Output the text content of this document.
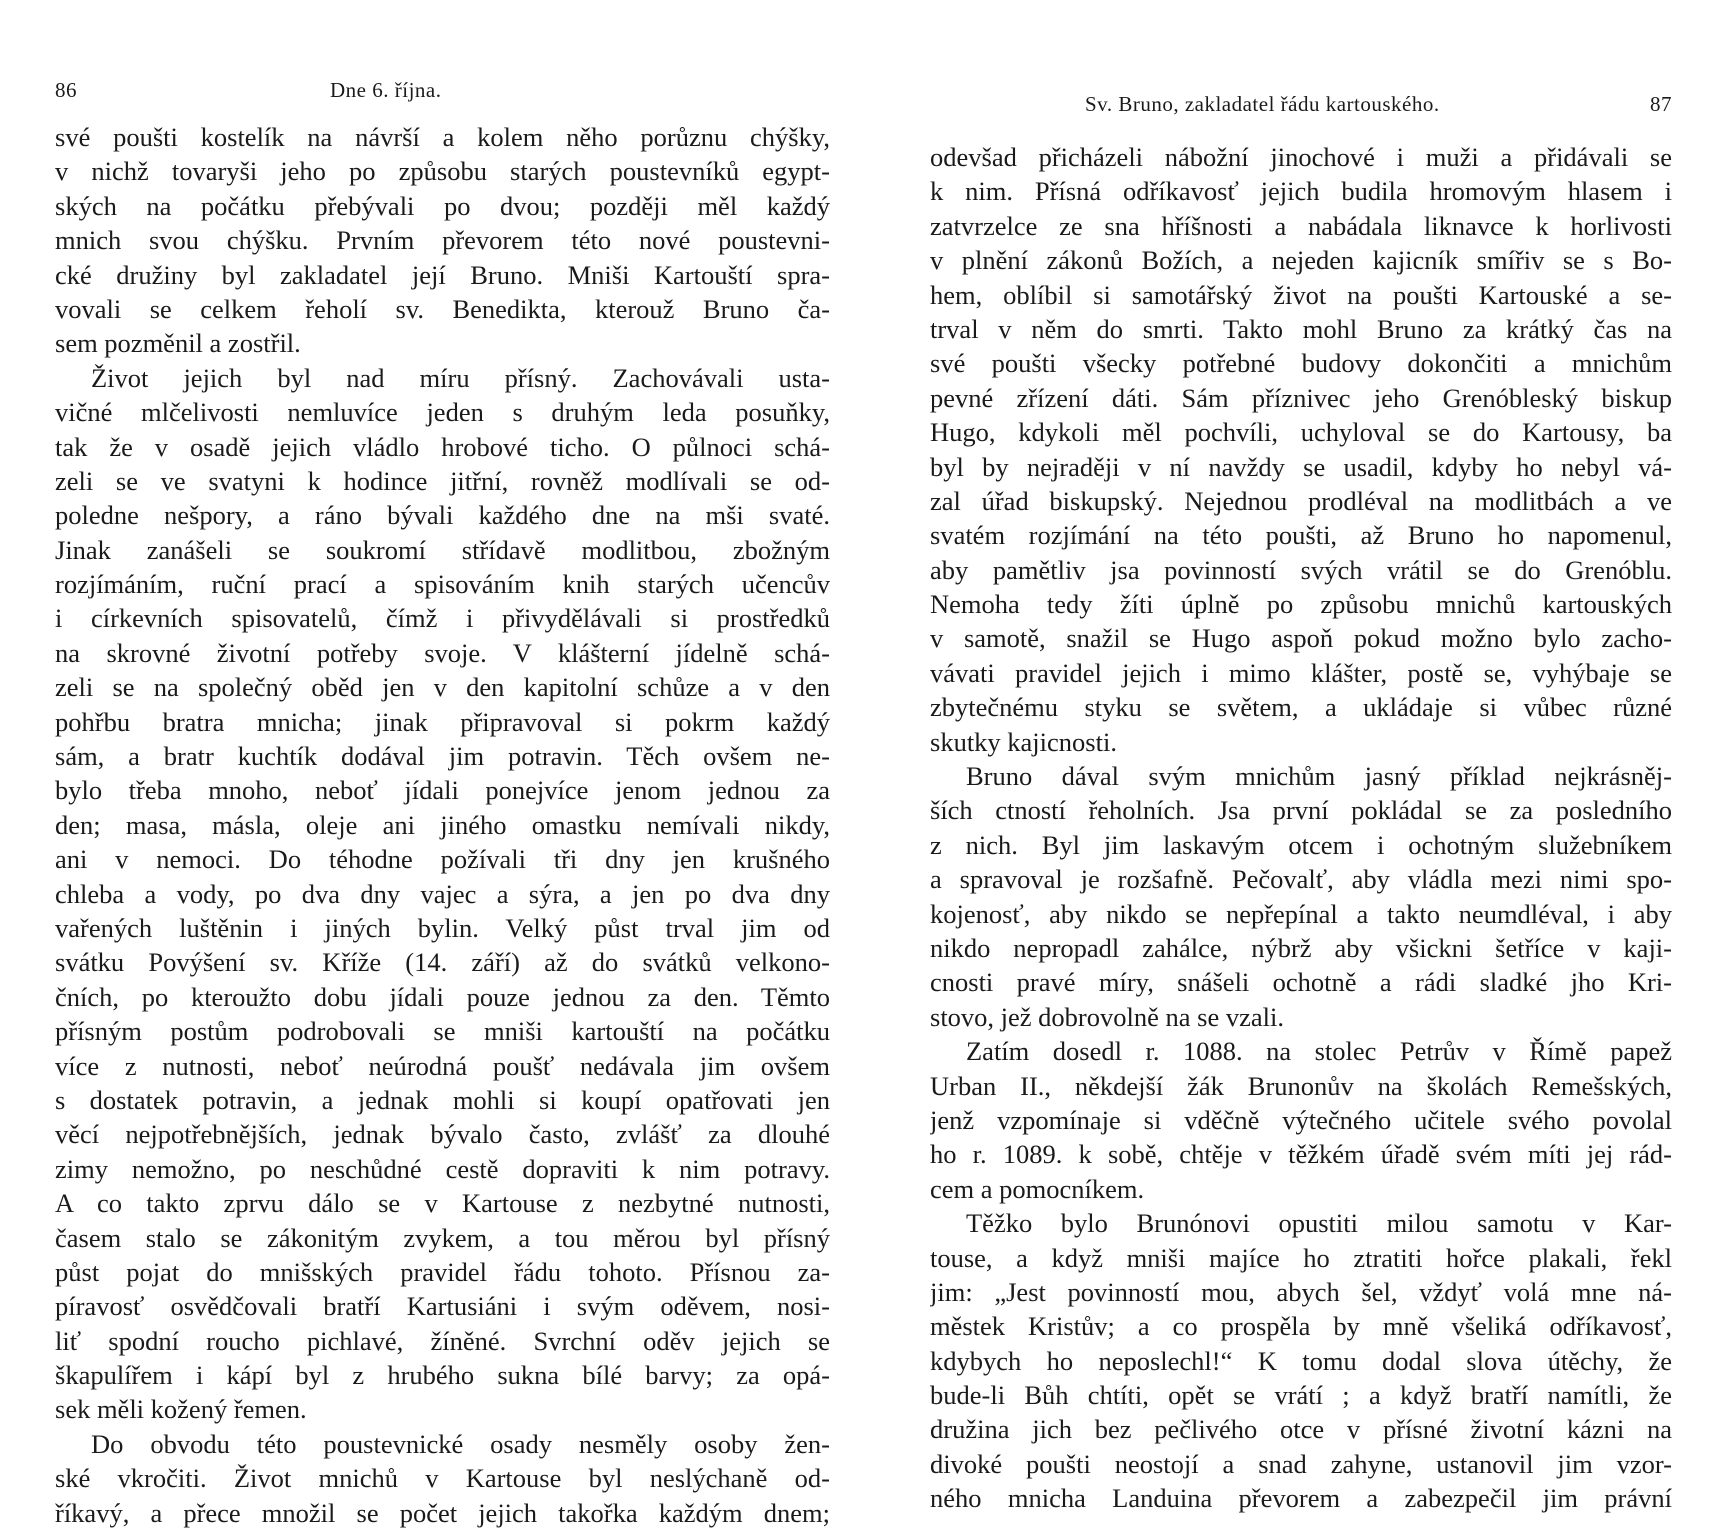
86	Dne 6. října.
své poušti kostelík na návrší a kolem něho porůznu chýšky,
v nichž tovaryši jeho po způsobu starých poustevníků egypt-
ských na počátku přebývali po dvou; později měl každý
mnich svou chýšku. Prvním převorem této nové poustevni-
cké družiny byl zakladatel její Bruno. Mniši Kartouští spra-
vovali se celkem řeholí sv. Benedikta, kterouž Bruno ča-
sem pozměnil a zostřil.
Život jejich byl nad míru přísný. Zachovávali usta-
vičné mlčelivosti nemluvíce jeden s druhým leda posuňky,
tak že v osadě jejich vládlo hrobové ticho. O půlnoci schá-
zeli se ve svatyni k hodince jitřní, rovněž modlívali se od-
poledne nešpory, a ráno bývali každého dne na mši svaté.
Jinak zanášeli se soukromí střídavě modlitbou, zbožným
rozjímáním, ruční prací a spisováním knih starých učencův
i církevních spisovatelů, čímž i přivydělávali si prostředků
na skrovné životní potřeby svoje. V klášterní jídelně schá-
zeli se na společný oběd jen v den kapitolní schůze a v den
pohřbu bratra mnicha; jinak připravoval si pokrm každý
sám, a bratr kuchtík dodával jim potravin. Těch ovšem ne-
bylo třeba mnoho, neboť jídali ponejvíce jenom jednou za
den; masa, másla, oleje ani jiného omastku nemívali nikdy,
ani v nemoci. Do téhodne požívali tři dny jen krušného
chleba a vody, po dva dny vajec a sýra, a jen po dva dny
vařených luštěnin i jiných bylin. Velký půst trval jim od
svátku Povýšení sv. Kříže (14. září) až do svátků velkono-
čních, po kteroužto dobu jídali pouze jednou za den. Těmto
přísným postům podrobovali se mniši kartouští na počátku
více z nutnosti, neboť neúrodná poušť nedávala jim ovšem
s dostatek potravin, a jednak mohli si koupí opatřovati jen
věcí nejpotřebnějších, jednak bývalo často, zvlášť za dlouhé
zimy nemožno, po neschůdné cestě dopraviti k nim potravy.
A co takto zprvu dálo se v Kartouse z nezbytné nutnosti,
časem stalo se zákonitým zvykem, a tou měrou byl přísný
půst pojat do mnišských pravidel řádu tohoto. Přísnou za-
píravosť osvědčovali bratří Kartusiáni i svým oděvem, nosi-
liť spodní roucho pichlavé, žíněné. Svrchní oděv jejich se
škapulířem i kápí byl z hrubého sukna bílé barvy; za opá-
sek měli kožený řemen.
Do obvodu této poustevnické osady nesměly osoby žen-
ské vkročiti. Život mnichů v Kartouse byl neslýchaně od-
říkavý, a přece množil se počet jejich takořka každým dnem;
Sv. Bruno, zakladatel řádu kartouského.	87
odevšad přicházeli nábožní jinochové i muži a přidávali se
k nim. Přísná odříkavosť jejich budila hromovým hlasem i
zatvrzelce ze sna hříšnosti a nabádala liknavce k horlivosti
v plnění zákonů Božích, a nejeden kajicník smířiv se s Bo-
hem, oblíbil si samotářský život na poušti Kartouské a se-
trval v něm do smrti. Takto mohl Bruno za krátký čas na
své poušti všecky potřebné budovy dokončiti a mnichům
pevné zřízení dáti. Sám příznivec jeho Grenóbleský biskup
Hugo, kdykoli měl pochvíli, uchyloval se do Kartousy, ba
byl by nejraději v ní navždy se usadil, kdyby ho nebyl vá-
zal úřad biskupský. Nejednou prodléval na modlitbách a ve
svatém rozjímání na této poušti, až Bruno ho napomenul,
aby pamětliv jsa povinností svých vrátil se do Grenóblu.
Nemoha tedy žíti úplně po způsobu mnichů kartouských
v samotě, snažil se Hugo aspoň pokud možno bylo zacho-
vávati pravidel jejich i mimo klášter, postě se, vyhýbaje se
zbytečnému styku se světem, a ukládaje si vůbec různé
skutky kajicnosti.
Bruno dával svým mnichům jasný příklad nejkrásněj-
ších ctností řeholních. Jsa první pokládal se za posledního
z nich. Byl jim laskavým otcem i ochotným služebníkem
a spravoval je rozšafně. Pečovalť, aby vládla mezi nimi spo-
kojenosť, aby nikdo se nepřepínal a takto neumdléval, i aby
nikdo nepropadl zahálce, nýbrž aby všickni šetříce v kaji-
cnosti pravé míry, snášeli ochotně a rádi sladké jho Kri-
stovo, jež dobrovolně na se vzali.
Zatím dosedl r. 1088. na stolec Petrův v Římě papež
Urban II., někdejší žák Brunonův na školách Remešských,
jenž vzpomínaje si vděčně výtečného učitele svého povolal
ho r. 1089. k sobě, chtěje v těžkém úřadě svém míti jej rád-
cem a pomocníkem.
Těžko bylo Brunónovi opustiti milou samotu v Kar-
touse, a když mniši majíce ho ztratiti hořce plakali, řekl
jim: „Jest povinností mou, abych šel, vždyť volá mne ná-
městek Kristův; a co prospěla by mně všeliká odříkavosť,
kdybych ho neposlechl!“ K tomu dodal slova útěchy, že
bude-li Bůh chtíti, opět se vrátí ; a když bratří namítli, že
družina jich bez pečlivého otce v přísné životní kázni na
divoké poušti neostojí a snad zahyne, ustanovil jim vzor-
ného mnicha Landuina převorem a zabezpečil jim právní
